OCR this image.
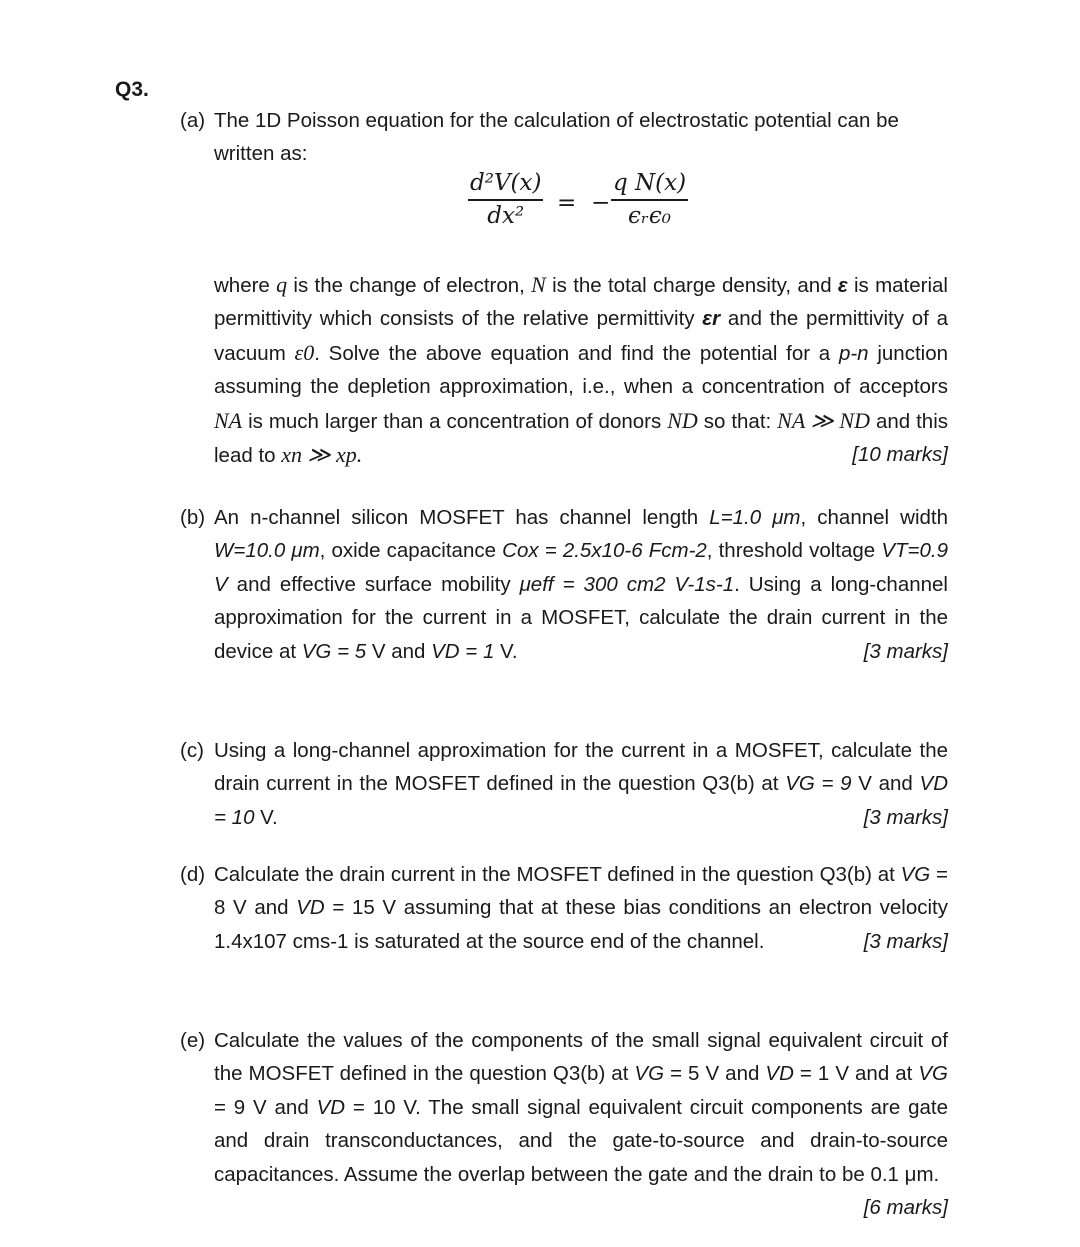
Q3.
(a) The 1D Poisson equation for the calculation of electrostatic potential can be written as:
$\frac{\text{d²V(x)}}{\text{dx²}}$ = −
q N(x)
ϵᵣϵ₀
where q is the change of electron, N is the total charge density, and ε is material permittivity which consists of the relative permittivity εr and the permittivity of a vacuum ε0. Solve the above equation and find the potential for a p-n junction assuming the depletion approximation, i.e., when a concentration of acceptors NA is much larger than a concentration of donors ND so that: NA ≫ ND and this lead to xn ≫ xp.	[10 marks]
(b) An n-channel silicon MOSFET has channel length L=1.0 μm, channel width W=10.0 μm, oxide capacitance Cox = 2.5x10-6 Fcm-2, threshold voltage VT=0.9 V and effective surface mobility μeff = 300 cm2 V-1s-1. Using a long-channel approximation for the current in a MOSFET, calculate the drain current in the device at VG = 5 V and VD = 1 V.	[3 marks]
(c) Using a long-channel approximation for the current in a MOSFET, calculate the drain current in the MOSFET defined in the question Q3(b) at VG = 9 V and VD = 10 V.	[3 marks]
(d) Calculate the drain current in the MOSFET defined in the question Q3(b) at VG = 8 V and VD = 15 V assuming that at these bias conditions an electron velocity 1.4x107 cms-1 is saturated at the source end of the channel.	[3 marks]
(e) Calculate the values of the components of the small signal equivalent circuit of the MOSFET defined in the question Q3(b) at VG = 5 V and VD = 1 V and at VG = 9 V and VD = 10 V. The small signal equivalent circuit components are gate and drain transconductances, and the gate-to-source and drain-to-source capacitances. Assume the overlap between the gate and the drain to be 0.1 μm.
[6 marks]
